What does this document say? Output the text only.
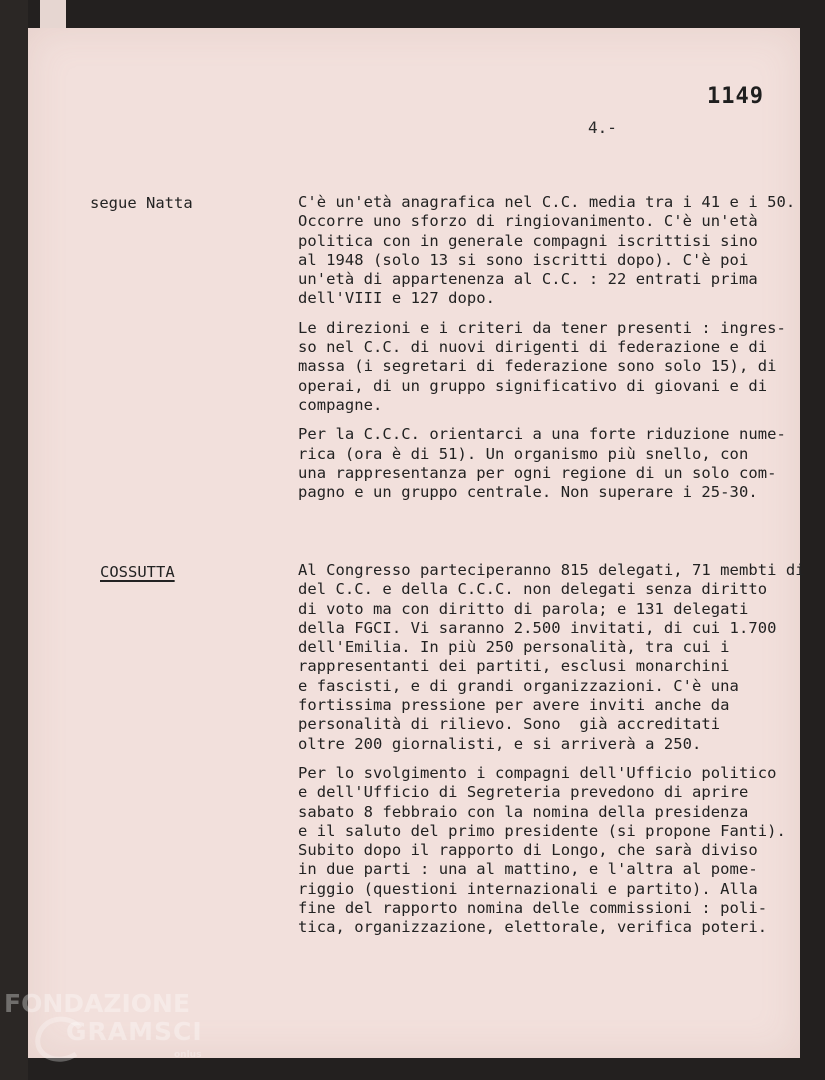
1149
4.-
segue Natta	C'è un'età anagrafica nel C.C. media tra i 41 e i 50.
Occorre uno sforzo di ringiovanimento. C'è un'età
politica con in generale compagni iscrittisi sino
al 1948 (solo 13 si sono iscritti dopo). C'è poi
un'età di appartenenza al C.C. : 22 entrati prima
dell'VIII e 127 dopo.

Le direzioni e i criteri da tener presenti : ingres-
so nel C.C. di nuovi dirigenti di federazione e di
massa (i segretari di federazione sono solo 15), di
operai, di un gruppo significativo di giovani e di
compagne.

Per la C.C.C. orientarci a una forte riduzione nume-
rica (ora è di 51). Un organismo più snello, con
una rappresentanza per ogni regione di un solo com-
pagno e un gruppo centrale. Non superare i 25-30.

COSSUTTA	Al Congresso parteciperanno 815 delegati, 71 membti di
del C.C. e della C.C.C. non delegati senza diritto
di voto ma con diritto di parola; e 131 delegati
della FGCI. Vi saranno 2.500 invitati, di cui 1.700
dell'Emilia. In più 250 personalità, tra cui i
rappresentanti dei partiti, esclusi monarchini
e fascisti, e di grandi organizzazioni. C'è una
fortissima pressione per avere inviti anche da
personalità di rilievo. Sono  già accreditati
oltre 200 giornalisti, e si arriverà a 250.

Per lo svolgimento i compagni dell'Ufficio politico
e dell'Ufficio di Segreteria prevedono di aprire
sabato 8 febbraio con la nomina della presidenza
e il saluto del primo presidente (si propone Fanti).
Subito dopo il rapporto di Longo, che sarà diviso
in due parti : una al mattino, e l'altra al pome-
riggio (questioni internazionali e partito). Alla
fine del rapporto nomina delle commissioni : poli-
tica, organizzazione, elettorale, verifica poteri.

FONDAZIONE
GRAMSCI
onlus
